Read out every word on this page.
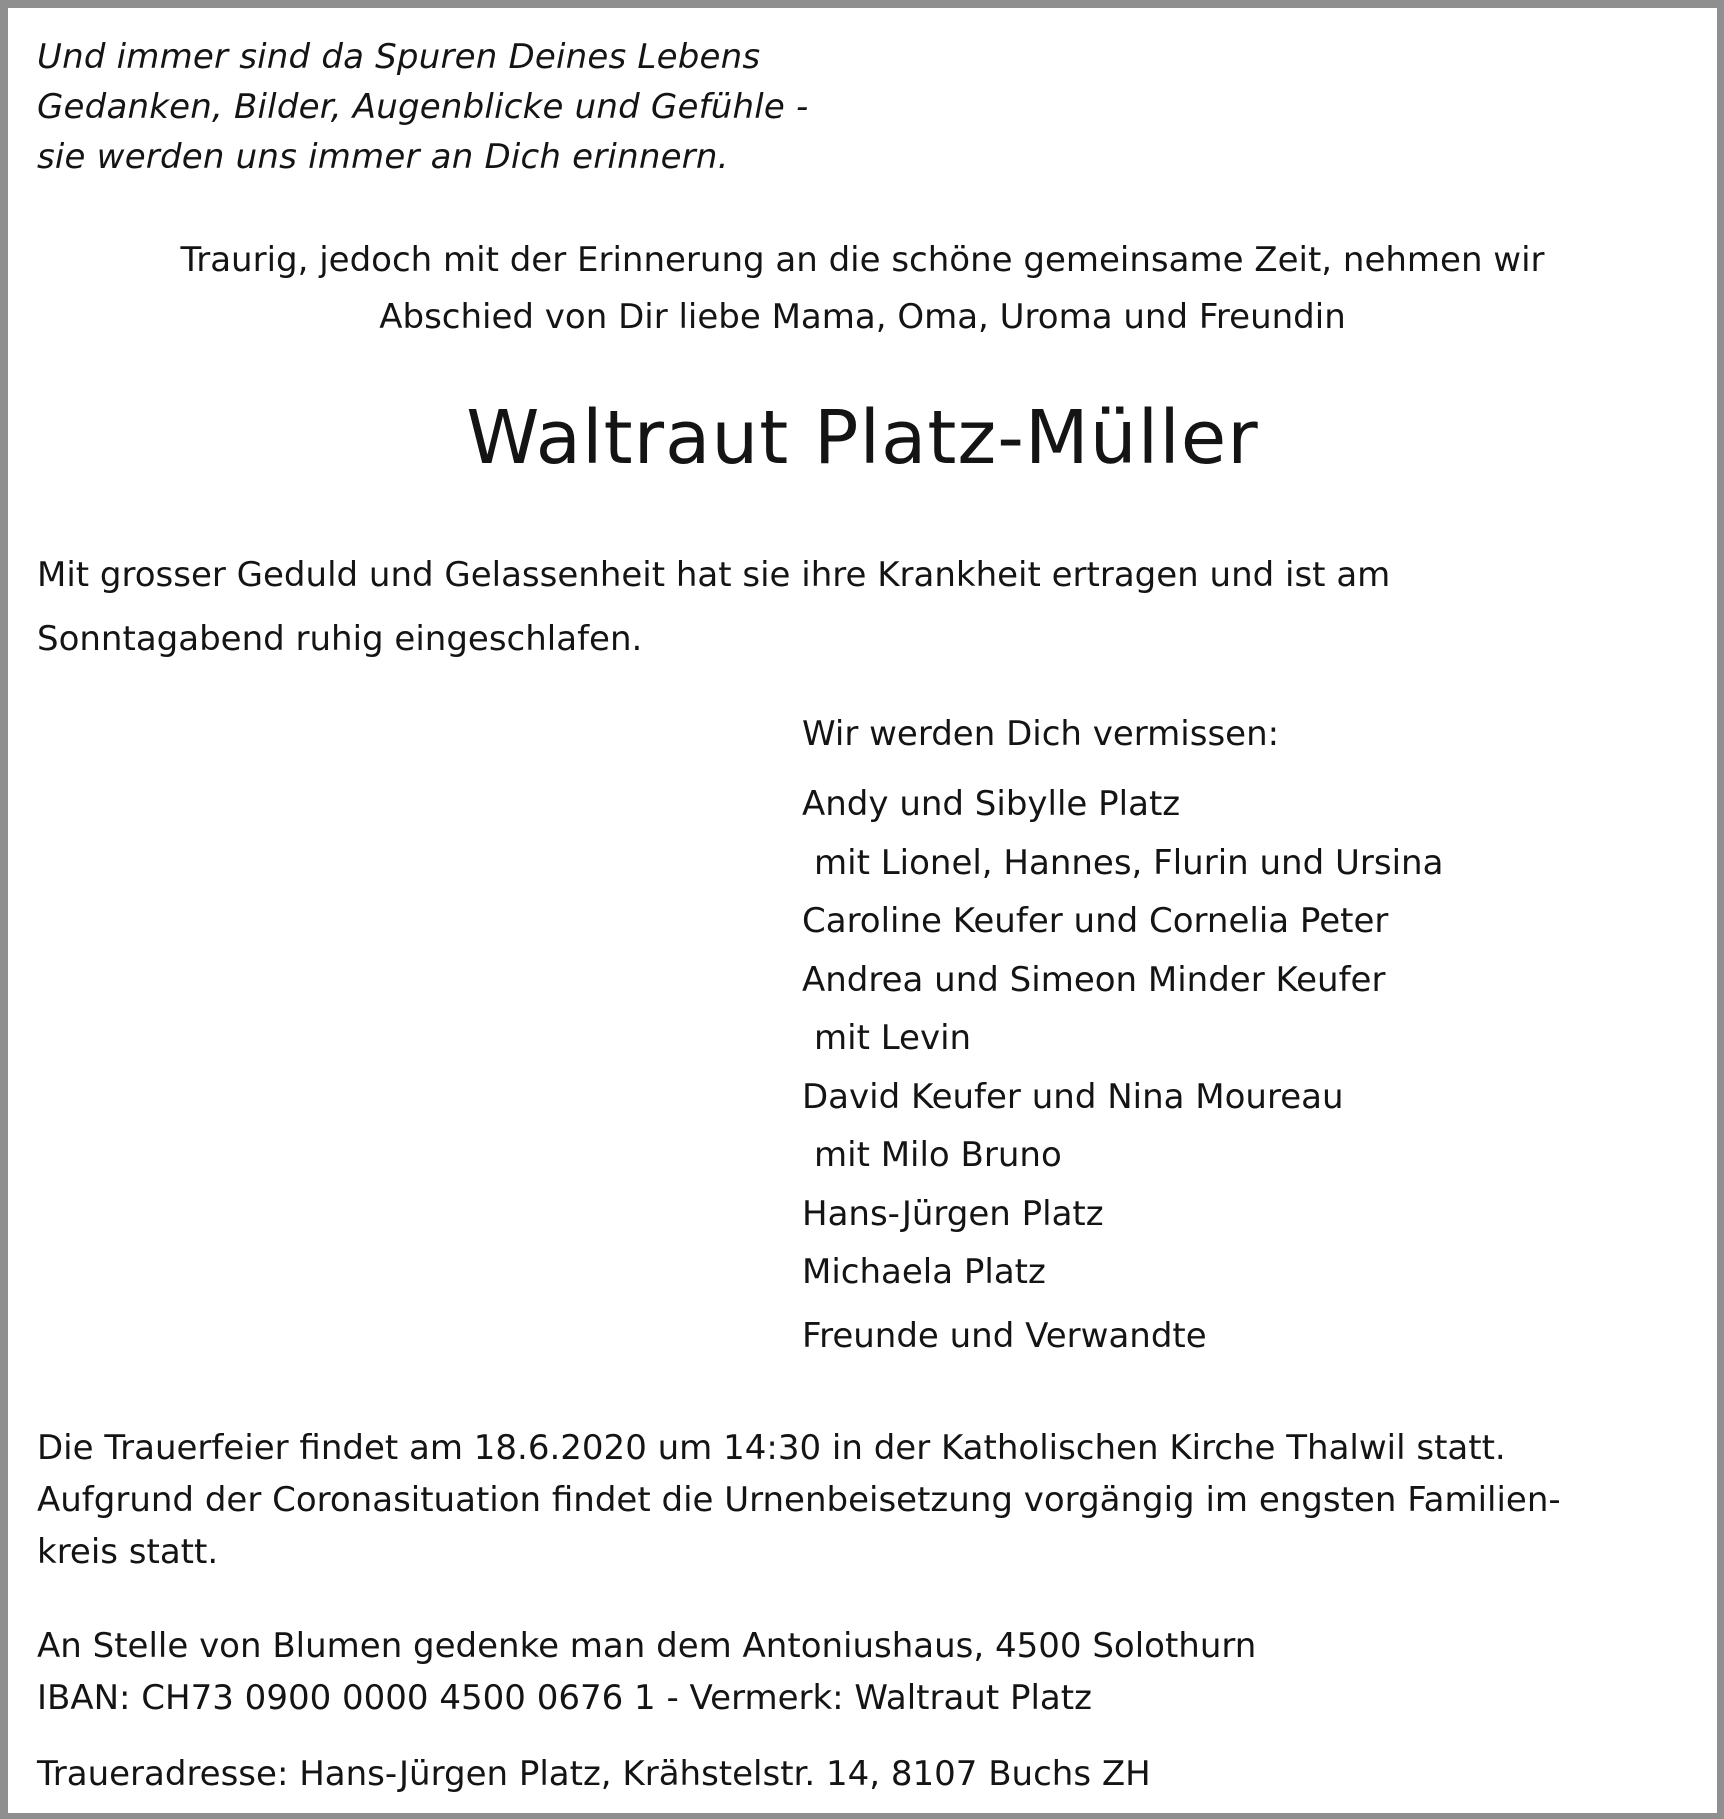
Und immer sind da Spuren Deines Lebens
Gedanken, Bilder, Augenblicke und Gefühle -
sie werden uns immer an Dich erinnern.
Traurig, jedoch mit der Erinnerung an die schöne gemeinsame Zeit, nehmen wir
Abschied von Dir liebe Mama, Oma, Uroma und Freundin
Waltraut Platz-Müller
Mit grosser Geduld und Gelassenheit hat sie ihre Krankheit ertragen und ist am
Sonntagabend ruhig eingeschlafen.
Wir werden Dich vermissen:
Andy und Sibylle Platz
mit Lionel, Hannes, Flurin und Ursina
Caroline Keufer und Cornelia Peter
Andrea und Simeon Minder Keufer
mit Levin
David Keufer und Nina Moureau
mit Milo Bruno
Hans-Jürgen Platz
Michaela Platz
Freunde und Verwandte
Die Trauerfeier findet am 18.6.2020 um 14:30 in der Katholischen Kirche Thalwil statt.
Aufgrund der Coronasituation findet die Urnenbeisetzung vorgängig im engsten Familien-
kreis statt.
An Stelle von Blumen gedenke man dem Antoniushaus, 4500 Solothurn
IBAN: CH73 0900 0000 4500 0676 1 - Vermerk: Waltraut Platz
Traueradresse: Hans-Jürgen Platz, Krähstelstr. 14, 8107 Buchs ZH
